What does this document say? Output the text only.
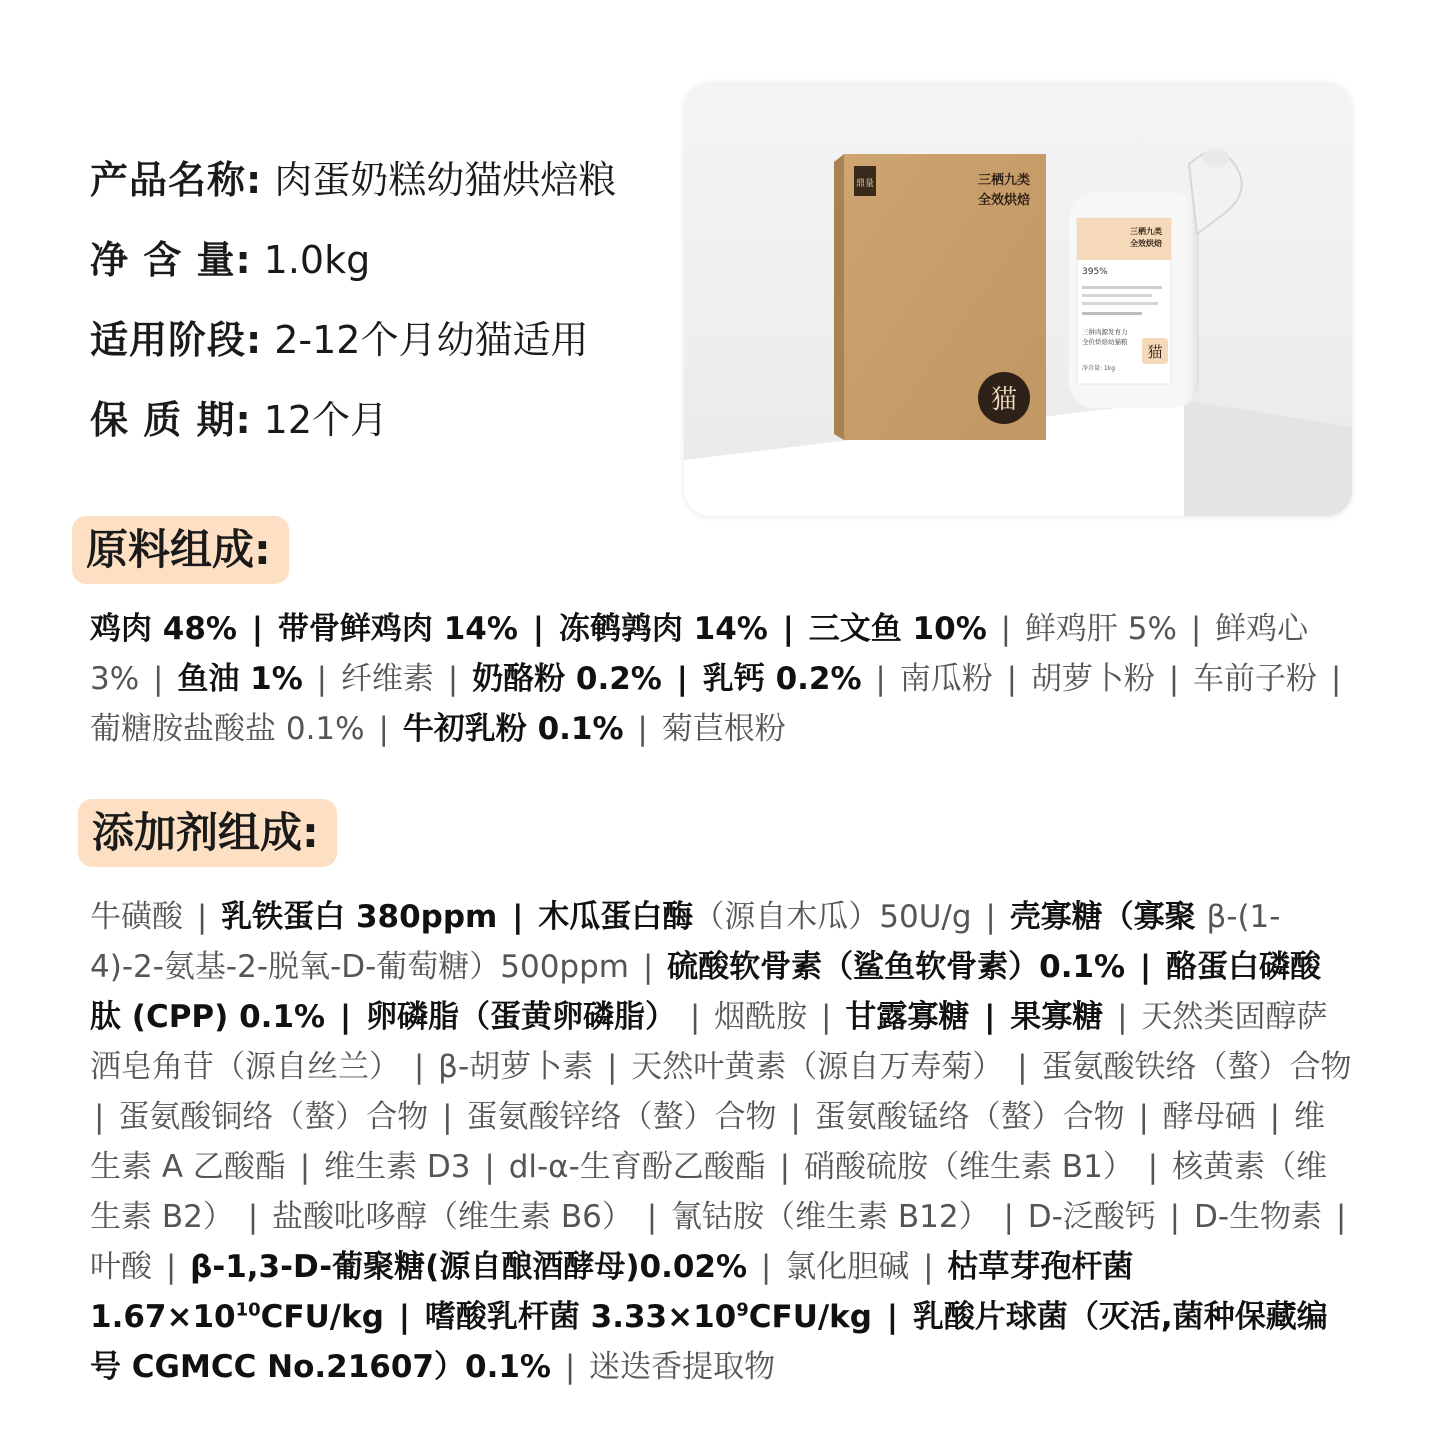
产品名称: 肉蛋奶糕幼猫烘焙粮
净 含 量: 1.0kg
适用阶段: 2-12个月幼猫适用
保 质 期: 12个月
鼎量	三栖九类
全效烘焙
猫
三栖九类
全效烘焙
395%
三拼肉源发育力
全价烘焙幼猫粮
净含量: 1kg
猫
原料组成:
鸡肉 48% | 带骨鲜鸡肉 14% | 冻鹌鹑肉 14% | 三文鱼 10% | 鲜鸡肝 5% | 鲜鸡心 3% | 鱼油 1% | 纤维素 | 奶酪粉 0.2% | 乳钙 0.2% | 南瓜粉 | 胡萝卜粉 | 车前子粉 | 葡糖胺盐酸盐 0.1% | 牛初乳粉 0.1% | 菊苣根粉
添加剂组成:
牛磺酸 | 乳铁蛋白 380ppm | 木瓜蛋白酶（源自木瓜）50U/g | 壳寡糖（寡聚 β-(1-4)-2-氨基-2-脱氧-D-葡萄糖）500ppm | 硫酸软骨素（鲨鱼软骨素）0.1% | 酪蛋白磷酸肽 (CPP) 0.1% | 卵磷脂（蛋黄卵磷脂） | 烟酰胺 | 甘露寡糖 | 果寡糖 | 天然类固醇萨洒皂角苷（源自丝兰） | β-胡萝卜素 | 天然叶黄素（源自万寿菊） | 蛋氨酸铁络（螯）合物 | 蛋氨酸铜络（螯）合物 | 蛋氨酸锌络（螯）合物 | 蛋氨酸锰络（螯）合物 | 酵母硒 | 维生素 A 乙酸酯 | 维生素 D3 | dl-α-生育酚乙酸酯 | 硝酸硫胺（维生素 B1） | 核黄素（维生素 B2） | 盐酸吡哆醇（维生素 B6） | 氰钴胺（维生素 B12） | D-泛酸钙 | D-生物素 | 叶酸 | β-1,3-D-葡聚糖(源自酿酒酵母)0.02% | 氯化胆碱 | 枯草芽孢杆菌 $1.67\times 10^{10}CFU/kg$ | 嗜酸乳杆菌 $3.33\times 10^9CFU/kg$ | 乳酸片球菌（灭活,菌种保藏编号 CGMCC No.21607）0.1% | 迷迭香提取物
